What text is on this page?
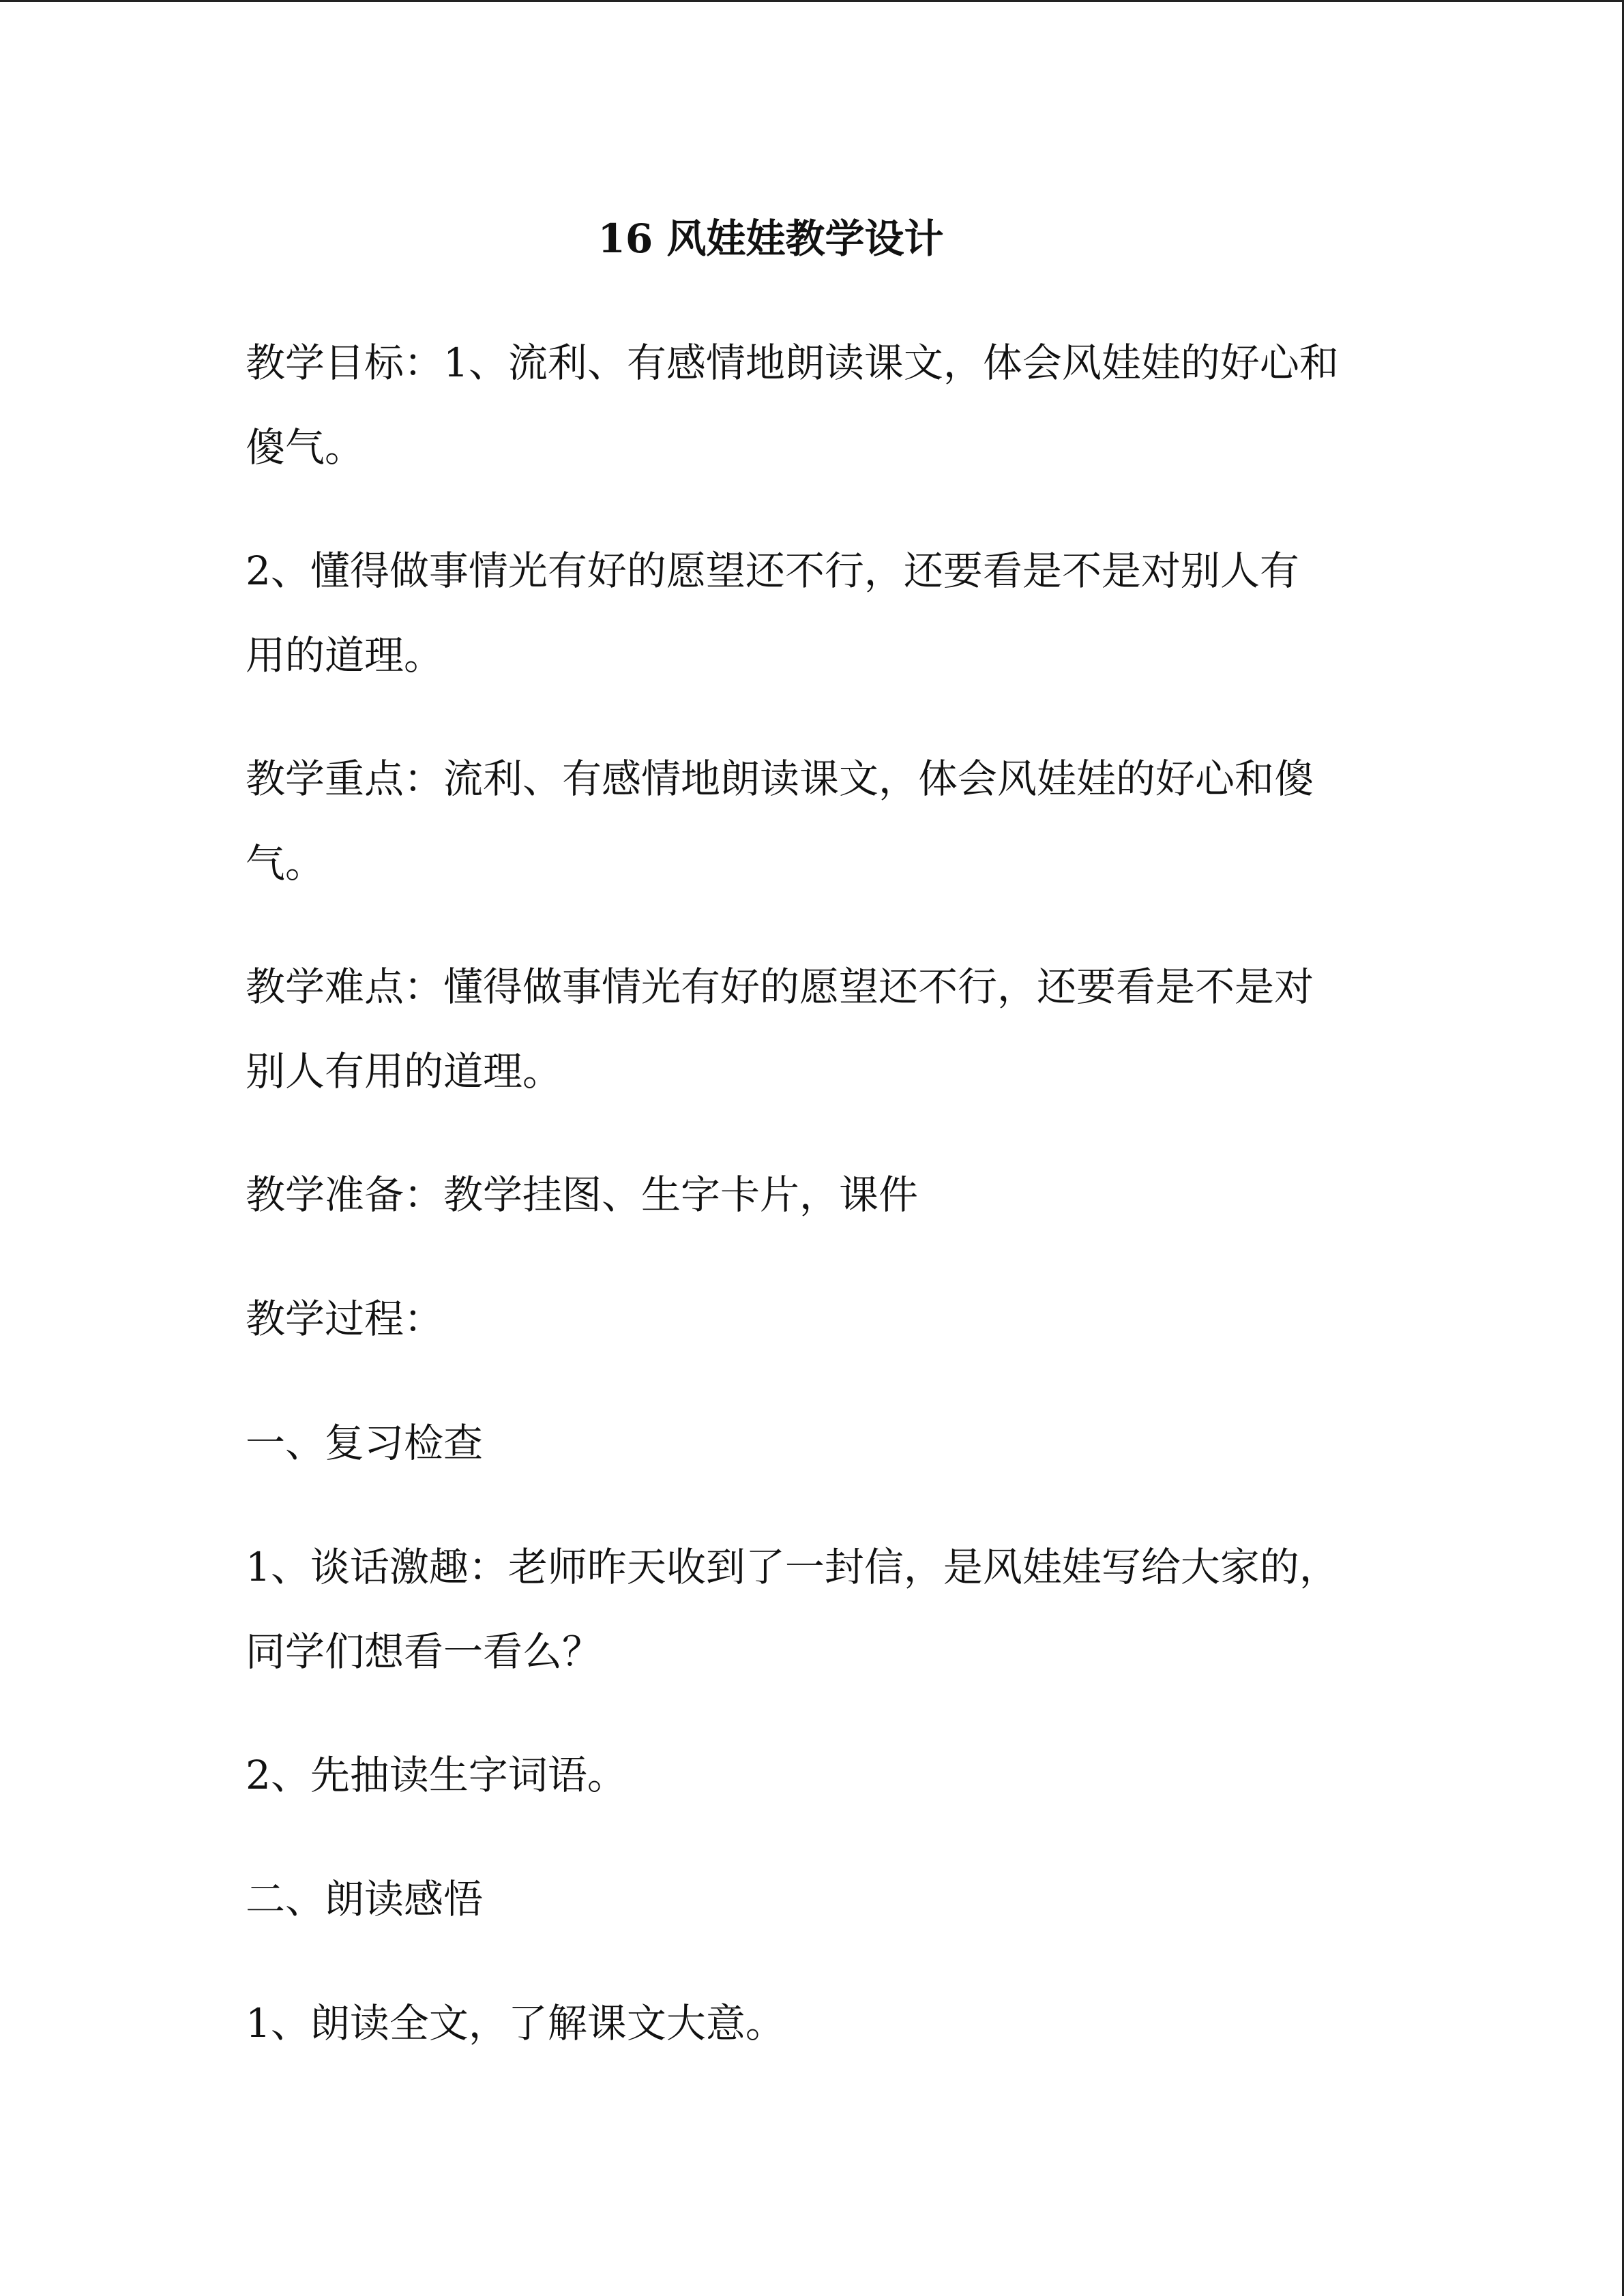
16 风娃娃教学设计
教学目标：1、流利、有感情地朗读课文，体会风娃娃的好心和
傻气。
2、懂得做事情光有好的愿望还不行，还要看是不是对别人有
用的道理。
教学重点：流利、有感情地朗读课文，体会风娃娃的好心和傻
气。
教学难点：懂得做事情光有好的愿望还不行，还要看是不是对
别人有用的道理。
教学准备：教学挂图、生字卡片，课件
教学过程：
一、复习检查
1、谈话激趣：老师昨天收到了一封信，是风娃娃写给大家的，
同学们想看一看么？
2、先抽读生字词语。
二、朗读感悟
1、朗读全文，了解课文大意。
